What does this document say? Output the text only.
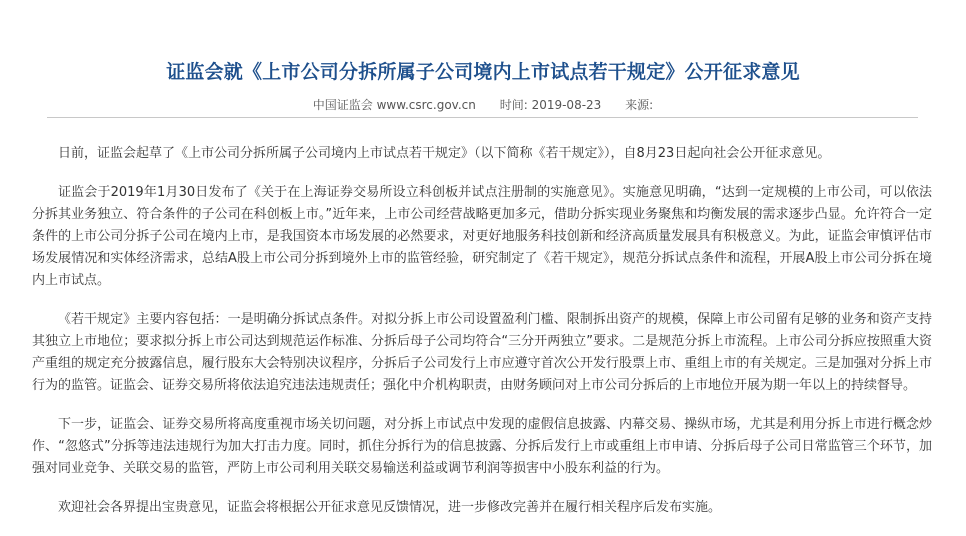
证监会就《上市公司分拆所属子公司境内上市试点若干规定》公开征求意见
中国证监会 www.csrc.gov.cn 时间: 2019-08-23 来源:

日前，证监会起草了《上市公司分拆所属子公司境内上市试点若干规定》（以下简称《若干规定》），自8月23日起向社会公开征求意见。

证监会于2019年1月30日发布了《关于在上海证券交易所设立科创板并试点注册制的实施意见》。实施意见明确，“达到一定规模的上市公司，可以依法分拆其业务独立、符合条件的子公司在科创板上市。”近年来，上市公司经营战略更加多元，借助分拆实现业务聚焦和均衡发展的需求逐步凸显。允许符合一定条件的上市公司分拆子公司在境内上市，是我国资本市场发展的必然要求，对更好地服务科技创新和经济高质量发展具有积极意义。为此，证监会审慎评估市场发展情况和实体经济需求，总结A股上市公司分拆到境外上市的监管经验，研究制定了《若干规定》，规范分拆试点条件和流程，开展A股上市公司分拆在境内上市试点。

《若干规定》主要内容包括：一是明确分拆试点条件。对拟分拆上市公司设置盈利门槛、限制拆出资产的规模，保障上市公司留有足够的业务和资产支持其独立上市地位；要求拟分拆上市公司达到规范运作标准、分拆后母子公司均符合“三分开两独立”要求。二是规范分拆上市流程。上市公司分拆应按照重大资产重组的规定充分披露信息，履行股东大会特别决议程序，分拆后子公司发行上市应遵守首次公开发行股票上市、重组上市的有关规定。三是加强对分拆上市行为的监管。证监会、证券交易所将依法追究违法违规责任；强化中介机构职责，由财务顾问对上市公司分拆后的上市地位开展为期一年以上的持续督导。

下一步，证监会、证券交易所将高度重视市场关切问题，对分拆上市试点中发现的虚假信息披露、内幕交易、操纵市场，尤其是利用分拆上市进行概念炒作、“忽悠式”分拆等违法违规行为加大打击力度。同时，抓住分拆行为的信息披露、分拆后发行上市或重组上市申请、分拆后母子公司日常监管三个环节，加强对同业竞争、关联交易的监管，严防上市公司利用关联交易输送利益或调节利润等损害中小股东利益的行为。

欢迎社会各界提出宝贵意见，证监会将根据公开征求意见反馈情况，进一步修改完善并在履行相关程序后发布实施。
